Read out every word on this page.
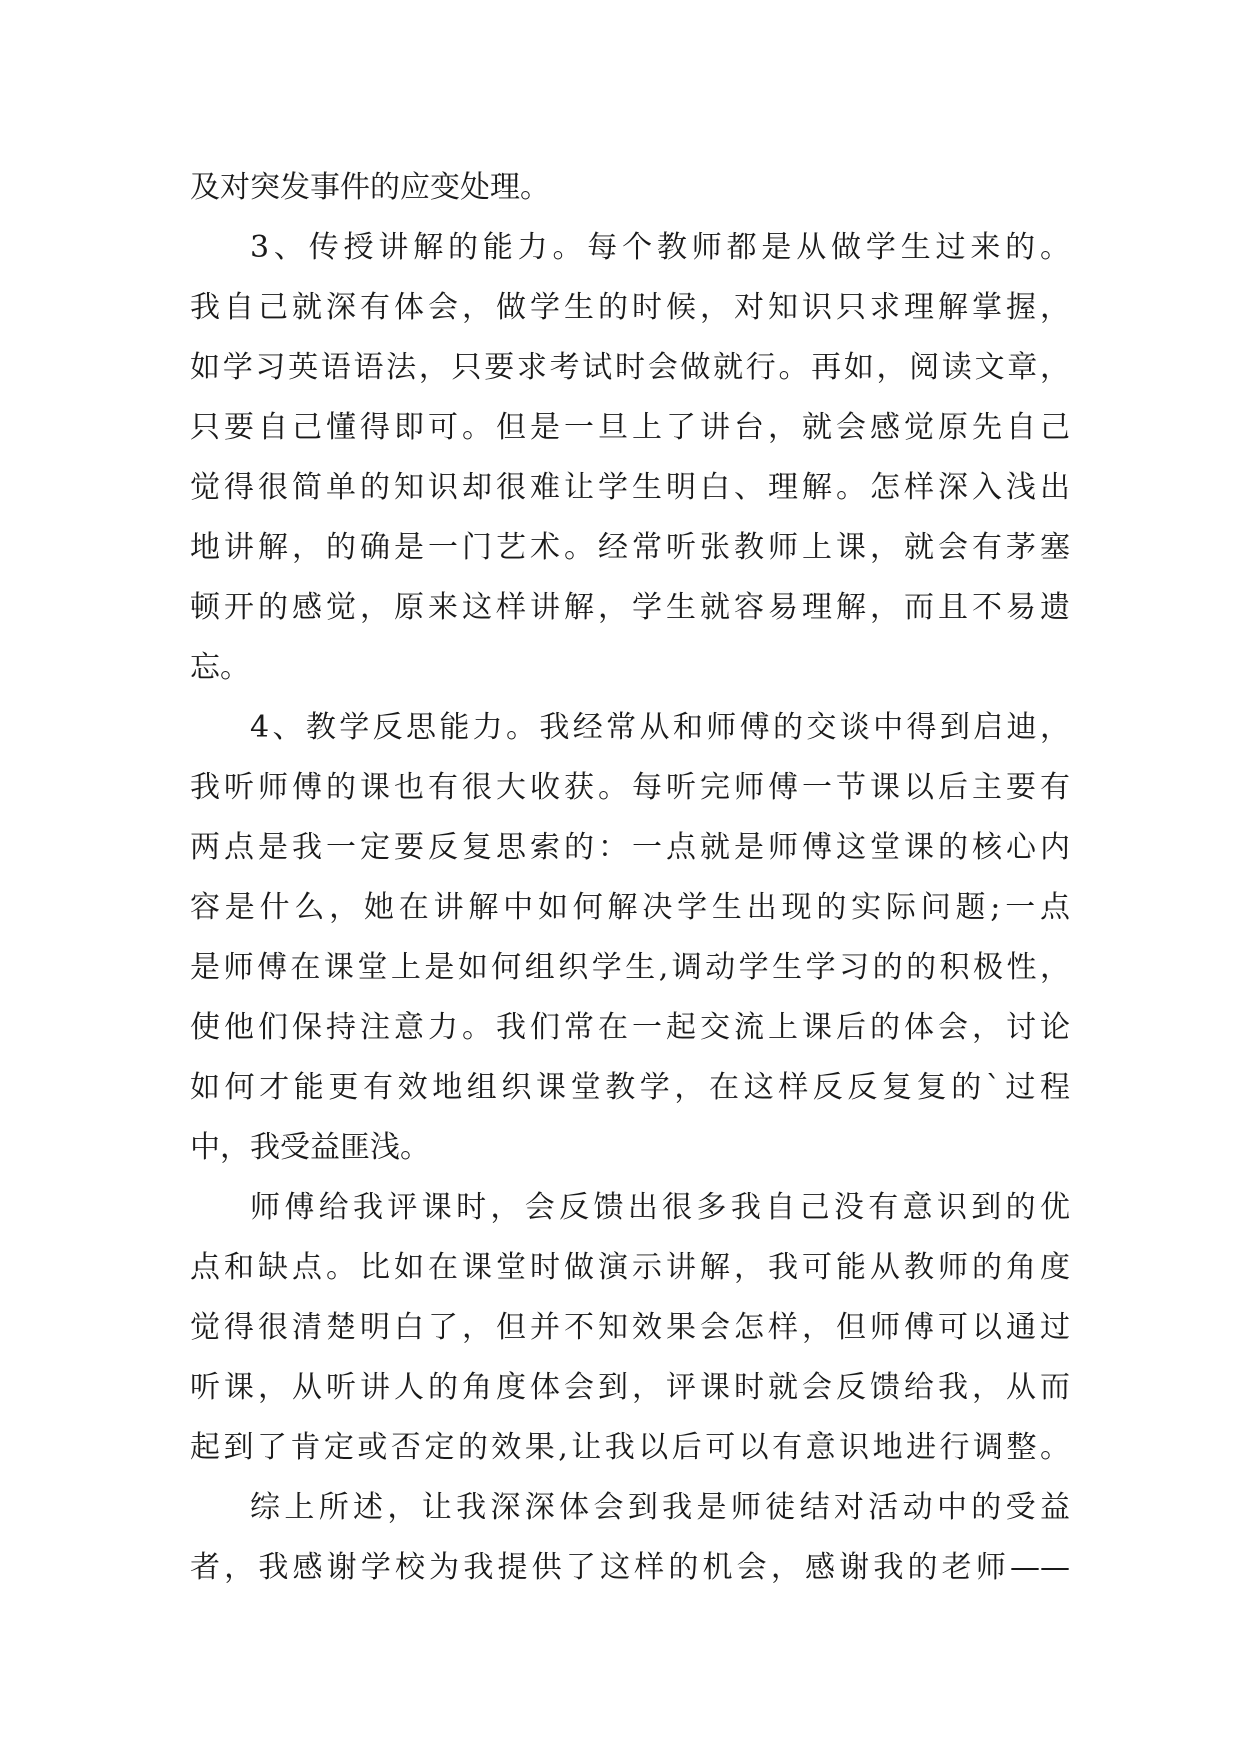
及对突发事件的应变处理。
3、传授讲解的能力。每个教师都是从做学生过来的。
我自己就深有体会，做学生的时候，对知识只求理解掌握，
如学习英语语法，只要求考试时会做就行。再如，阅读文章，
只要自己懂得即可。但是一旦上了讲台，就会感觉原先自己
觉得很简单的知识却很难让学生明白、理解。怎样深入浅出
地讲解，的确是一门艺术。经常听张教师上课，就会有茅塞
顿开的感觉，原来这样讲解，学生就容易理解，而且不易遗
忘。
4、教学反思能力。我经常从和师傅的交谈中得到启迪，
我听师傅的课也有很大收获。每听完师傅一节课以后主要有
两点是我一定要反复思索的：一点就是师傅这堂课的核心内
容是什么，她在讲解中如何解决学生出现的实际问题;一点
是师傅在课堂上是如何组织学生,调动学生学习的的积极性，
使他们保持注意力。我们常在一起交流上课后的体会，讨论
如何才能更有效地组织课堂教学，在这样反反复复的`过程
中，我受益匪浅。
师傅给我评课时，会反馈出很多我自己没有意识到的优
点和缺点。比如在课堂时做演示讲解，我可能从教师的角度
觉得很清楚明白了，但并不知效果会怎样，但师傅可以通过
听课，从听讲人的角度体会到，评课时就会反馈给我，从而
起到了肯定或否定的效果,让我以后可以有意识地进行调整。
综上所述，让我深深体会到我是师徒结对活动中的受益
者，我感谢学校为我提供了这样的机会，感谢我的老师——
